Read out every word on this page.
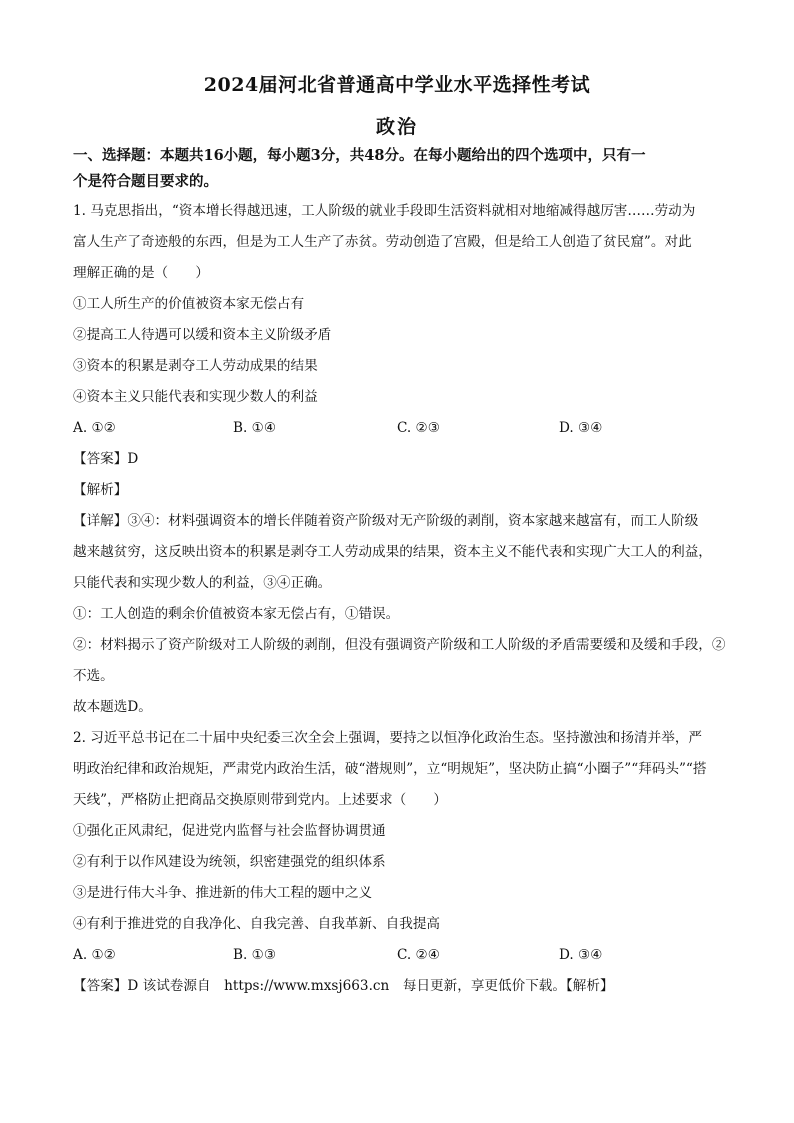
2024届河北省普通高中学业水平选择性考试
政治
一、选择题：本题共16小题，每小题3分，共48分。在每小题给出的四个选项中，只有一
个是符合题目要求的。
1. 马克思指出，“资本增长得越迅速，工人阶级的就业手段即生活资料就相对地缩减得越厉害……劳动为
富人生产了奇迹般的东西，但是为工人生产了赤贫。劳动创造了宫殿，但是给工人创造了贫民窟”。对此
理解正确的是（　　）
①工人所生产的价值被资本家无偿占有
②提高工人待遇可以缓和资本主义阶级矛盾
③资本的积累是剥夺工人劳动成果的结果
④资本主义只能代表和实现少数人的利益
A. ①②	B. ①④	C. ②③	D. ③④
【答案】D
【解析】
【详解】③④：材料强调资本的增长伴随着资产阶级对无产阶级的剥削，资本家越来越富有，而工人阶级
越来越贫穷，这反映出资本的积累是剥夺工人劳动成果的结果，资本主义不能代表和实现广大工人的利益，
只能代表和实现少数人的利益，③④正确。
①：工人创造的剩余价值被资本家无偿占有，①错误。
②：材料揭示了资产阶级对工人阶级的剥削，但没有强调资产阶级和工人阶级的矛盾需要缓和及缓和手段，②
不选。
故本题选D。
2. 习近平总书记在二十届中央纪委三次全会上强调，要持之以恒净化政治生态。坚持激浊和扬清并举，严
明政治纪律和政治规矩，严肃党内政治生活，破“潜规则”，立“明规矩”，坚决防止搞“小圈子”“拜码头”“搭
天线”，严格防止把商品交换原则带到党内。上述要求（　　）
①强化正风肃纪，促进党内监督与社会监督协调贯通
②有利于以作风建设为统领，织密建强党的组织体系
③是进行伟大斗争、推进新的伟大工程的题中之义
④有利于推进党的自我净化、自我完善、自我革新、自我提高
A. ①②	B. ①③	C. ②④	D. ③④
【答案】D 该试卷源自　https://www.mxsj663.cn　每日更新，享更低价下载。【解析】
